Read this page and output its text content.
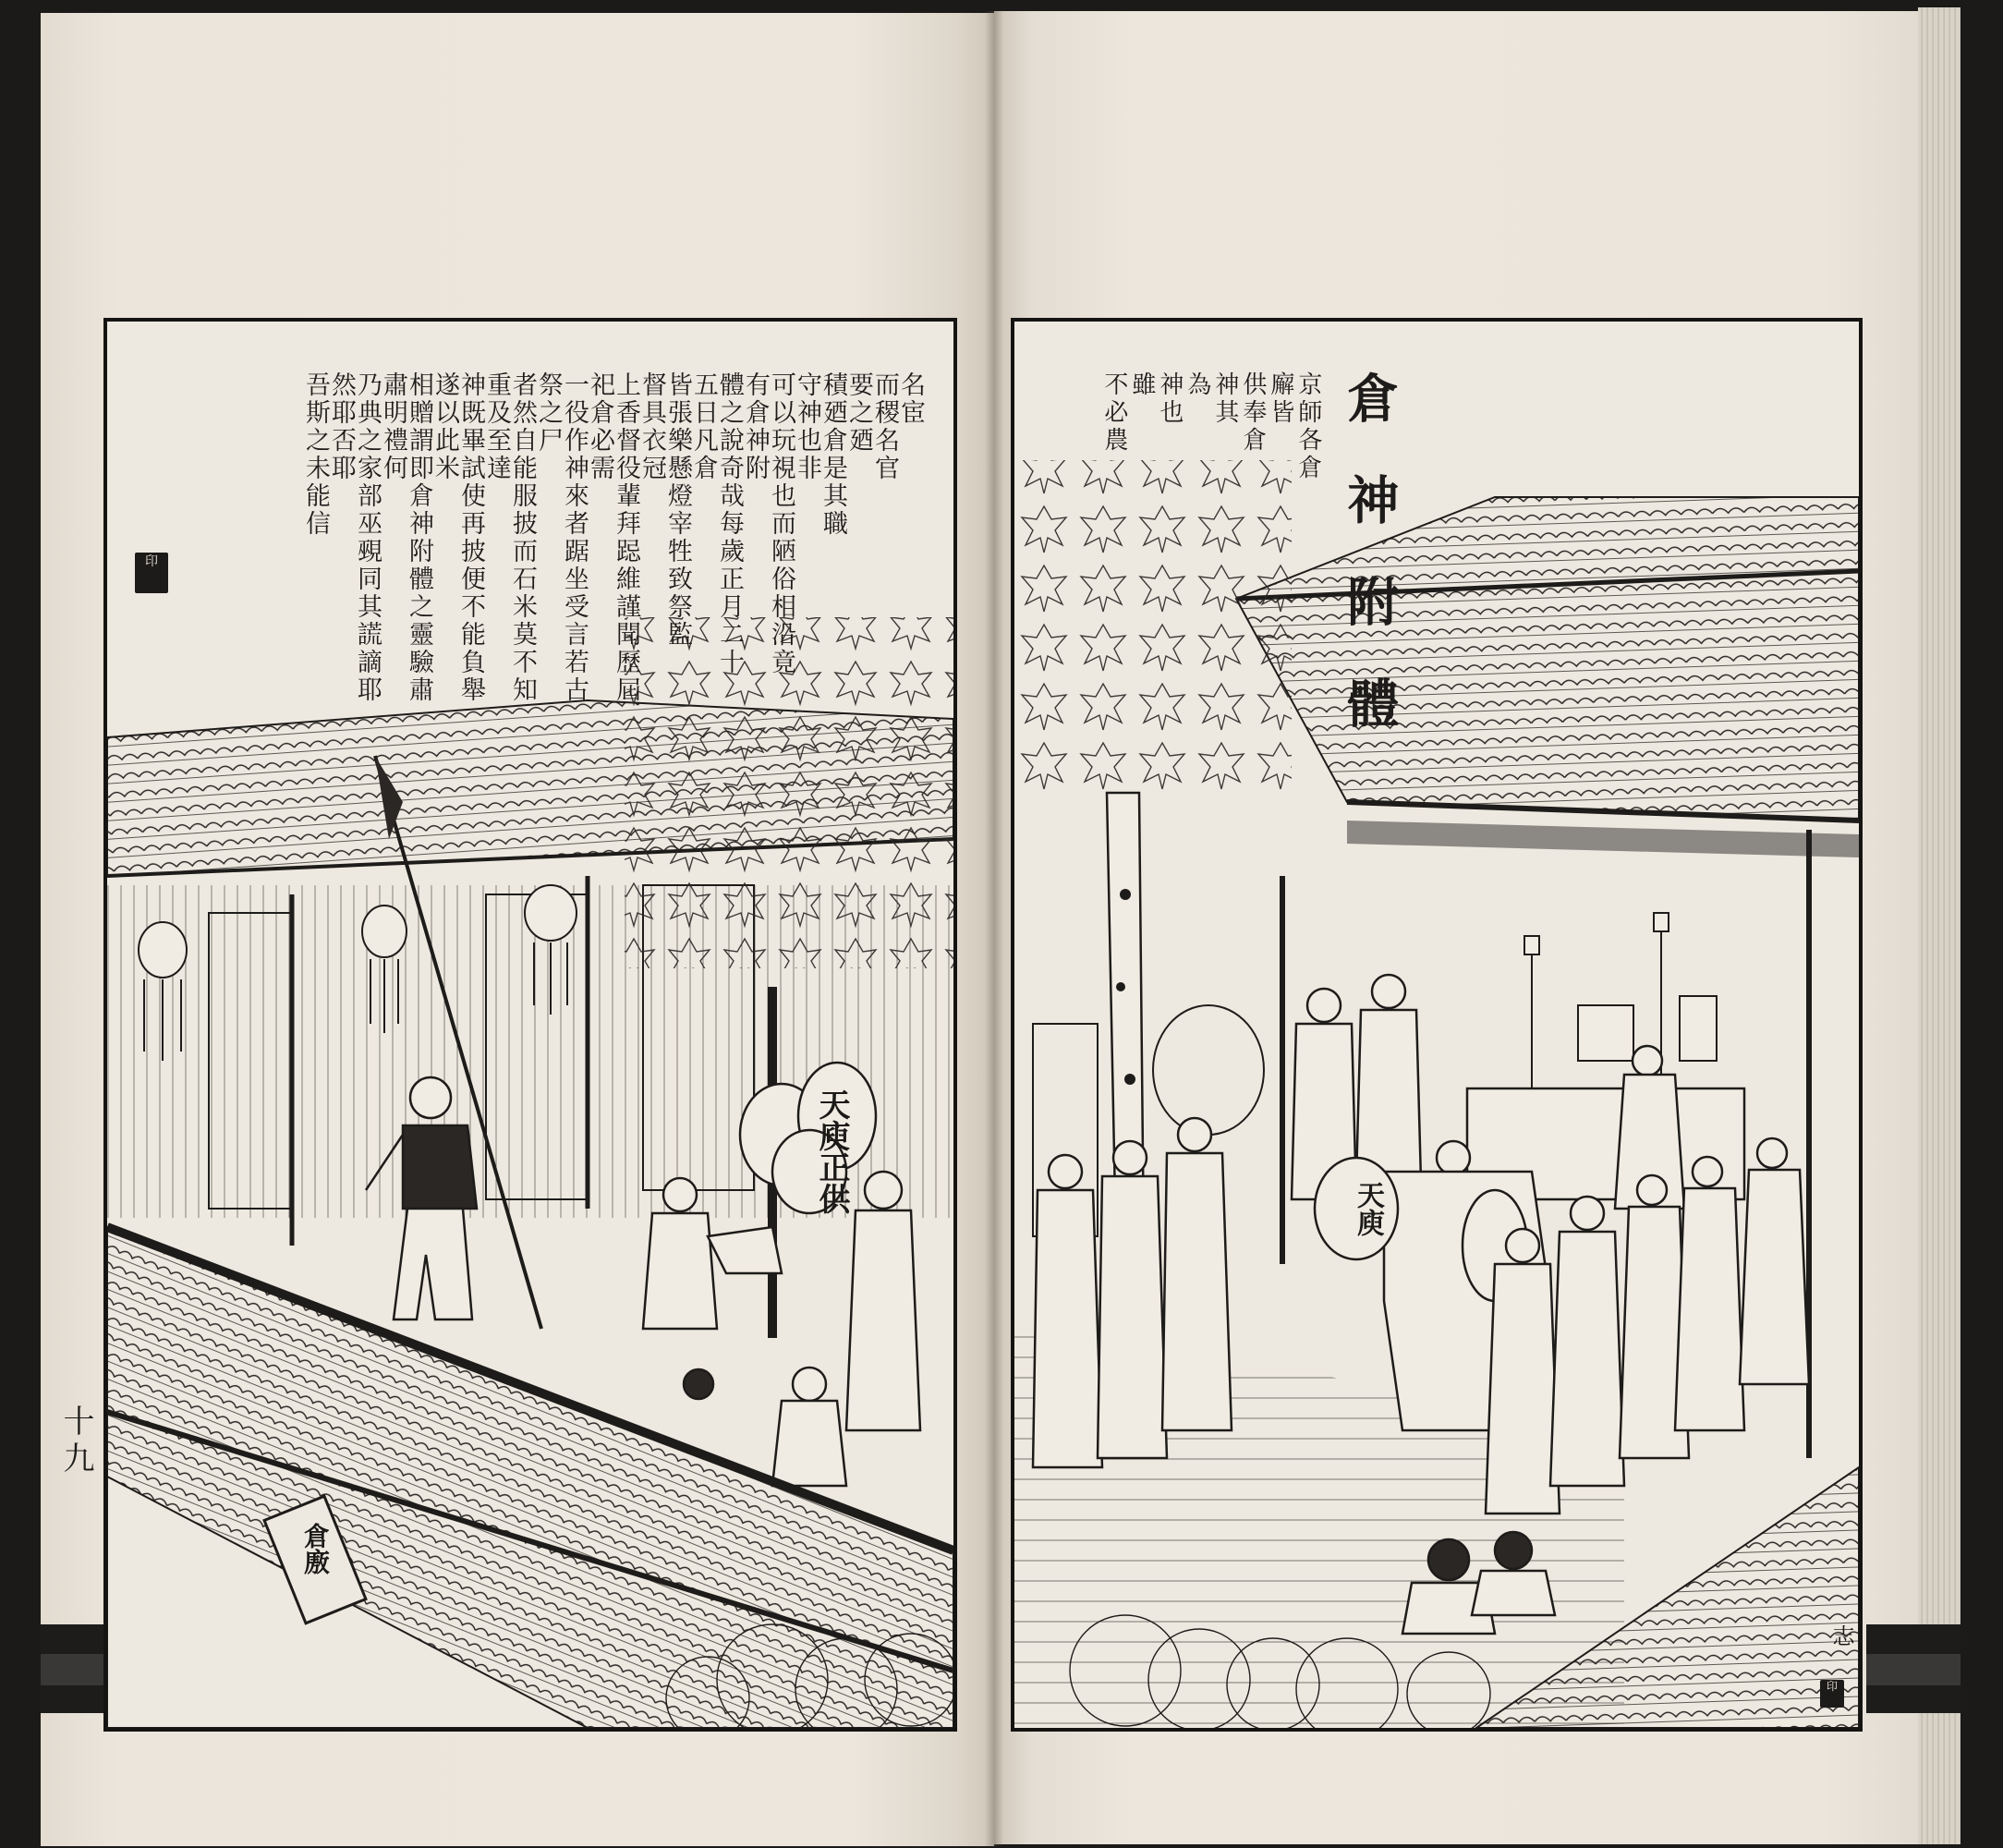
名宦
而稷名官
要之廼
積廼倉是其職
守神也非
可以玩視也而陋俗相沿竟
有倉神附
體之說奇哉每歲正月二十
五日凡倉
皆張樂懸燈宰牲致祭監
督具衣冠
上香督役輩拜跽維謹聞歷屆
祀倉必需
一役作神來者踞坐受言若古
祭之尸
者然自能服披而石米莫不知
重及至達
神既畢試使再披便不能負舉
遂以此米
相贈謂即倉神附體之靈驗肅
肅明禮何
乃典之家部巫覡同其謊謫耶
然耶否耶
吾斯之未能信
印
天庾正供
倉廒
十九
倉神附體
京師各倉
廨皆
供奉倉
神其
為
神也
雖
不必農
天庾
志
印
